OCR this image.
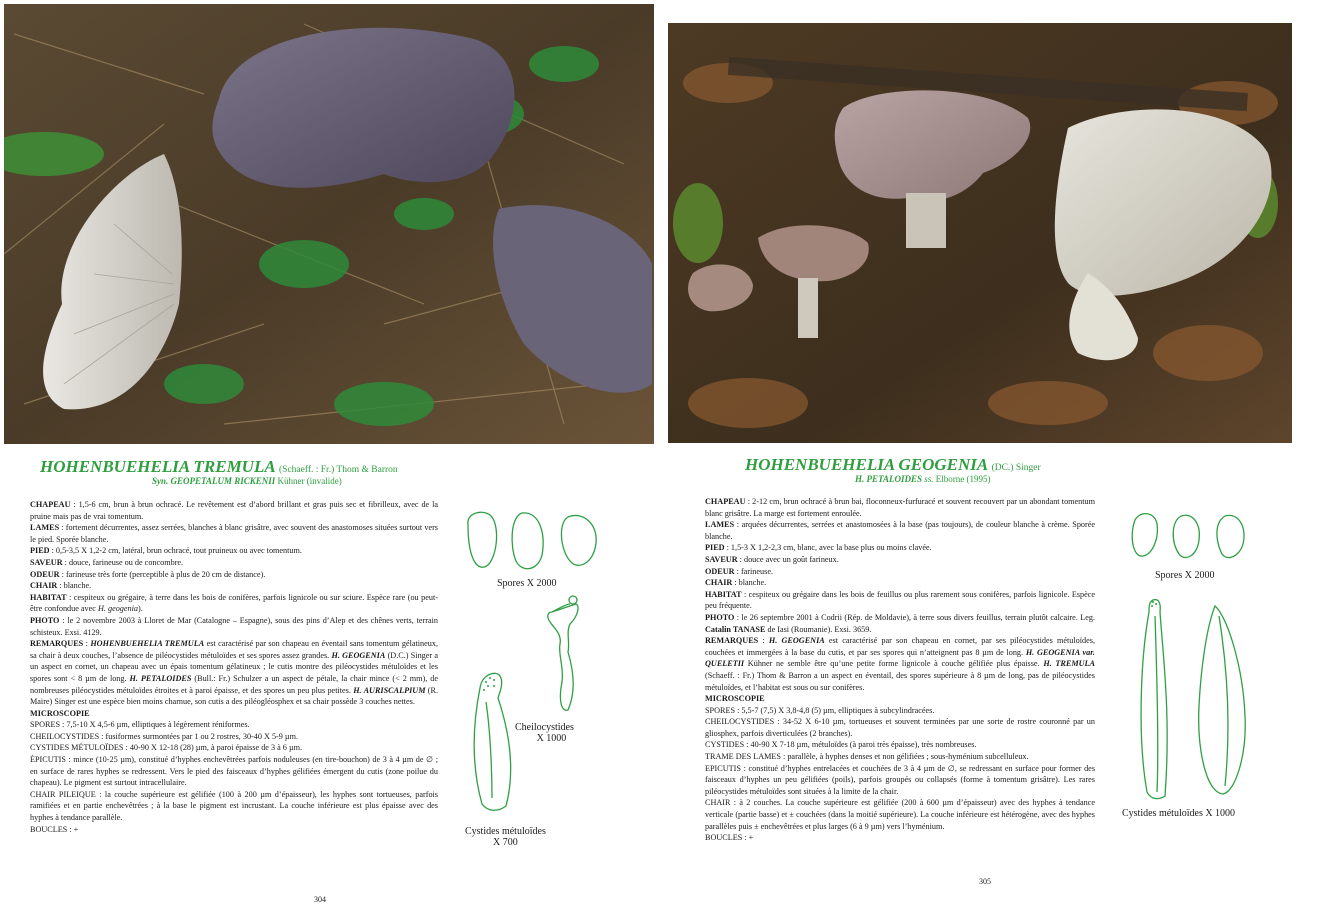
HOHENBUEHELIA TREMULA (Schaeff. : Fr.) Thom & Barron
Syn. GEOPETALUM RICKENII Kühner (invalide)

CHAPEAU : 1,5-6 cm, brun à brun ochracé. Le revêtement est d’abord brillant et gras puis sec et fibrilleux, avec de la pruine mais pas de vrai tomentum.

LAMES : fortement décurrentes, assez serrées, blanches à blanc grisâtre, avec souvent des anastomoses situées surtout vers le pied. Sporée blanche.

PIED : 0,5-3,5 X 1,2-2 cm, latéral, brun ochracé, tout pruineux ou avec tomentum.

SAVEUR : douce, farineuse ou de concombre.

ODEUR : farineuse très forte (perceptible à plus de 20 cm de distance).

CHAIR : blanche.

HABITAT : cespiteux ou grégaire, à terre dans les bois de conifères, parfois lignicole ou sur sciure. Espèce rare (ou peut-être confondue avec H. geogenia).

PHOTO : le 2 novembre 2003 à Lloret de Mar (Catalogne – Espagne), sous des pins d’Alep et des chênes verts, terrain schisteux. Exsi. 4129.

REMARQUES : HOHENBUEHELIA TREMULA est caractérisé par son chapeau en éventail sans tomentum gélatineux, sa chair à deux couches, l’absence de piléocystides métuloïdes et ses spores assez grandes. H. GEOGENIA (D.C.) Singer a un aspect en cornet, un chapeau avec un épais tomentum gélatineux ; le cutis montre des piléocystides métuloïdes et les spores sont < 8 µm de long. H. PETALOIDES (Bull.: Fr.) Schulzer a un aspect de pétale, la chair mince (< 2 mm), de nombreuses piléocystides métuloïdes étroites et à paroi épaisse, et des spores un peu plus petites. H. AURISCALPIUM (R. Maire) Singer est une espèce bien moins charnue, son cutis a des piléogléosphex et sa chair possède 3 couches nettes.

MICROSCOPIE

SPORES : 7,5-10 X 4,5-6 µm, elliptiques à légèrement réniformes.

CHEILOCYSTIDES : fusiformes surmontées par 1 ou 2 rostres, 30-40 X 5-9 µm.

CYSTIDES MÉTULOÏDES : 40-90 X 12-18 (28) µm, à paroi épaisse de 3 à 6 µm.

ÉPICUTIS : mince (10-25 µm), constitué d’hyphes enchevêtrées parfois noduleuses (en tire-bouchon) de 3 à 4 µm de ∅ ; en surface de rares hyphes se redressent. Vers le pied des faisceaux d’hyphes gélifiées émergent du cutis (zone poilue du chapeau). Le pigment est surtout intracellulaire.

CHAIR PILEIQUE : la couche supérieure est gélifiée (100 à 200 µm d’épaisseur), les hyphes sont tortueuses, parfois ramifiées et en partie enchevêtrées ; à la base le pigment est incrustant. La couche inférieure est plus épaisse avec des hyphes à tendance parallèle.

BOUCLES : +

Spores X 2000
Cheilocystides
X 1000
Cystides métuloïdes
X 700
304
HOHENBUEHELIA GEOGENIA (DC.) Singer
H. PETALOIDES ss. Elborne (1995)

CHAPEAU : 2-12 cm, brun ochracé à brun bai, floconneux-furfuracé et souvent recouvert par un abondant tomentum blanc grisâtre. La marge est fortement enroulée.

LAMES : arquées décurrentes, serrées et anastomosées à la base (pas toujours), de couleur blanche à crème. Sporée blanche.

PIED : 1,5-3 X 1,2-2,3 cm, blanc, avec la base plus ou moins clavée.

SAVEUR : douce avec un goût farineux.

ODEUR : farineuse.

CHAIR : blanche.

HABITAT : cespiteux ou grégaire dans les bois de feuillus ou plus rarement sous conifères, parfois lignicole. Espèce peu fréquente.

PHOTO : le 26 septembre 2001 à Codrii (Rép. de Moldavie), à terre sous divers feuillus, terrain plutôt calcaire. Leg. Catalin TANASE de Iasi (Roumanie). Exsi. 3659.

REMARQUES : H. GEOGENIA est caractérisé par son chapeau en cornet, par ses piléocystides métuloïdes, couchées et immergées à la base du cutis, et par ses spores qui n’atteignent pas 8 µm de long. H. GEOGENIA var. QUELETII Kühner ne semble être qu’une petite forme lignicole à couche gélifiée plus épaisse. H. TREMULA (Schaeff. : Fr.) Thom & Barron a un aspect en éventail, des spores supérieure à 8 µm de long, pas de piléocystides métuloïdes, et l’habitat est sous ou sur conifères.

MICROSCOPIE

SPORES : 5,5-7 (7,5) X 3,8-4,8 (5) µm, elliptiques à subcylindracées.

CHEILOCYSTIDES : 34-52 X 6-10 µm, tortueuses et souvent terminées par une sorte de rostre couronné par un gliosphex, parfois diverticulées (2 branches).

CYSTIDES : 40-90 X 7-18 µm, métuloïdes (à paroi très épaisse), très nombreuses.

TRAME DES LAMES : parallèle, à hyphes denses et non gélifiées ; sous-hyménium subcelluleux.

EPICUTIS : constitué d’hyphes entrelacées et couchées de 3 à 4 µm de ∅, se redressant en surface pour former des faisceaux d’hyphes un peu gélifiées (poils), parfois groupés ou collapsés (forme à tomentum grisâtre). Les rares piléocystides métuloïdes sont situées à la limite de la chair.

CHAIR : à 2 couches. La couche supérieure est gélifiée (200 à 600 µm d’épaisseur) avec des hyphes à tendance verticale (partie basse) et ± couchées (dans la moitié supérieure). La couche inférieure est hétérogène, avec des hyphes parallèles puis ± enchevêtrées et plus larges (6 à 9 µm) vers l’hyménium.

BOUCLES : +

Spores X 2000
Cystides métuloïdes X 1000
305
